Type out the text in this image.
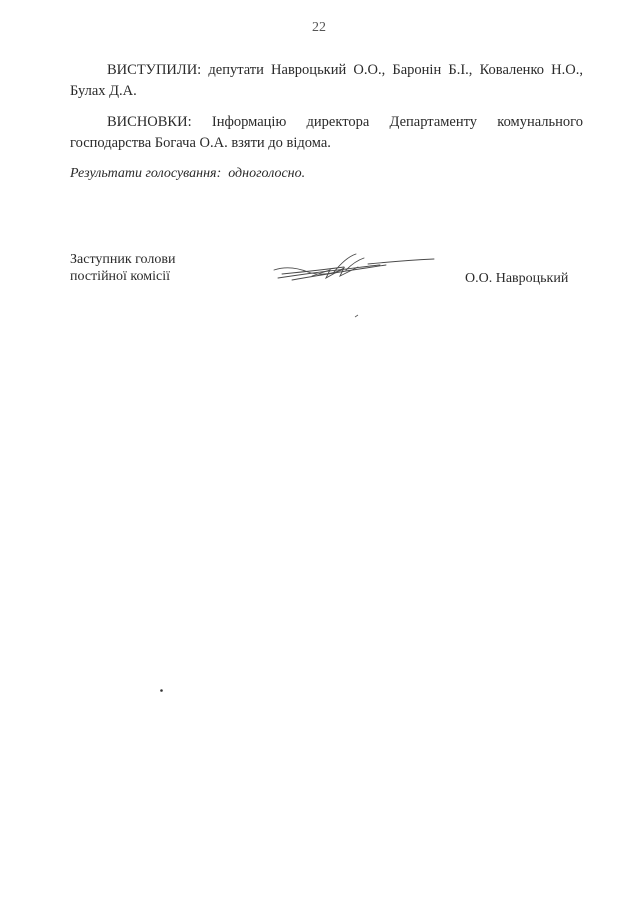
22
ВИСТУПИЛИ: депутати Навроцький О.О., Баронін Б.І., Коваленко Н.О.,
Булах Д.А.
ВИСНОВКИ: Інформацію директора Департаменту комунального
господарства Богача О.А. взяти до відома.
Результати голосування: одноголосно.
Заступник голови
постійної комісії	О.О. Навроцький
